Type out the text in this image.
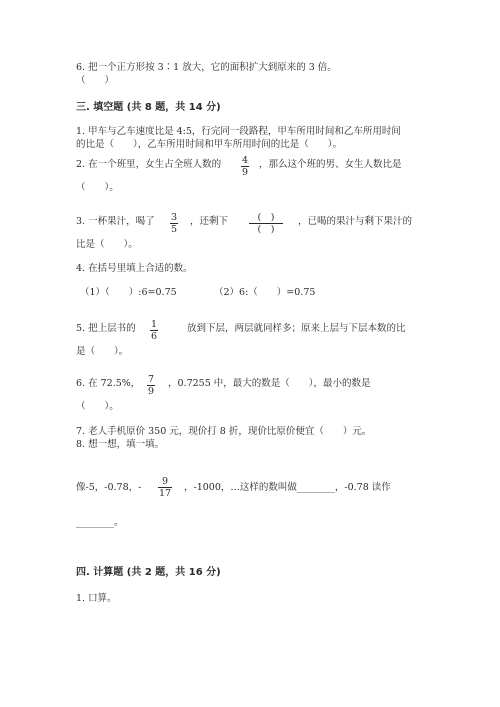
6. 把一个正方形按 3∶1 放大，它的面积扩大到原来的 3 倍。
（　　）
三. 填空题 (共 8 题，共 14 分)
1. 甲车与乙车速度比是 4:5，行完同一段路程，甲车所用时间和乙车所用时间
的比是（　　），乙车所用时间和甲车所用时间的比是（　　）。
2. 在一个班里，女生占全班人数的 4
9
，那么这个班的男、女生人数比是
（　　）。
3. 一杯果汁，喝了 3
5
，还剩下	(　)
(　)
，已喝的果汁与剩下果汁的
比是（　　）。
4. 在括号里填上合适的数。
（1）（　　）:6=0.75	（2）6:（　　）=0.75
5. 把上层书的 1
6
放到下层，两层就同样多；原来上层与下层本数的比
是（　　）。
6. 在 72.5%， 7
9
，0.7255 中，最大的数是（　　），最小的数是
（　　）。
7. 老人手机原价 350 元，现价打 8 折，现价比原价便宜（　　）元。
8. 想一想，填一填。
像-5，-0.78，-
9
17
，-1000，…这样的数叫做________，-0.78 读作
________。
四. 计算题 (共 2 题，共 16 分)
1. 口算。
